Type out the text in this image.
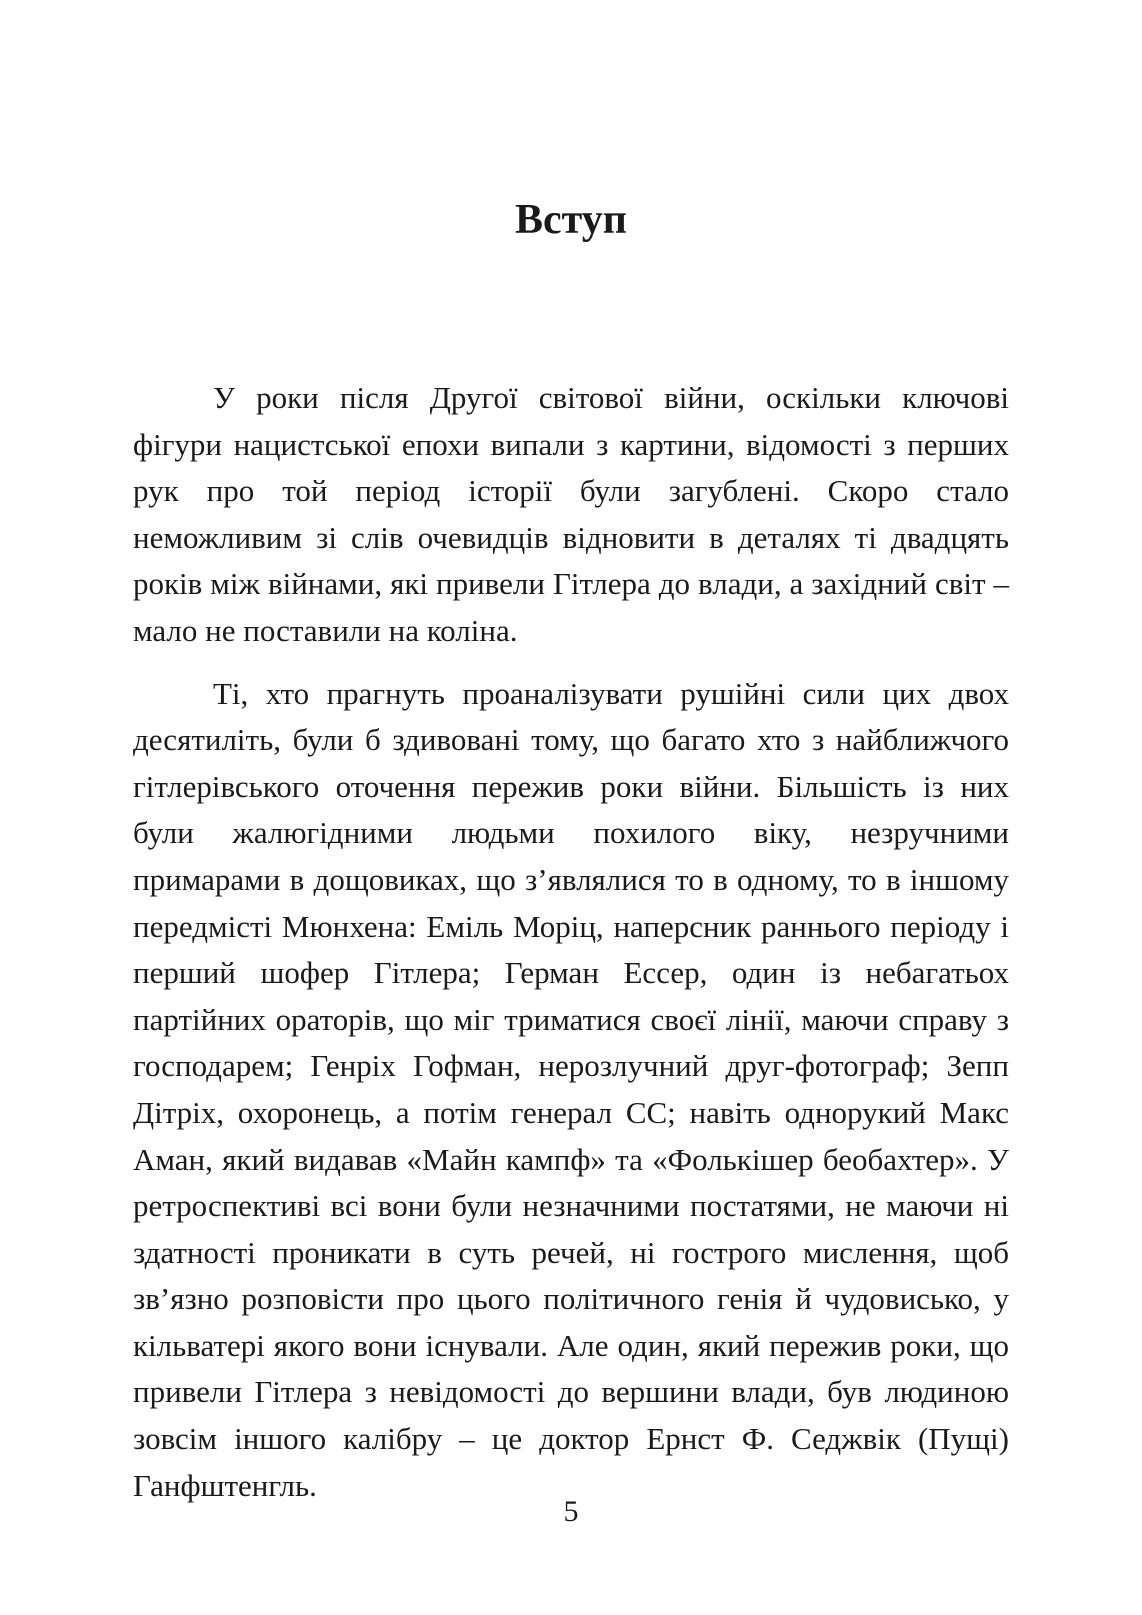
Вступ

У роки після Другої світової війни, оскільки ключові фігури нацистської епохи випали з картини, відомості з перших рук про той період історії були загублені. Скоро стало неможливим зі слів очевидців відновити в деталях ті двадцять років між війнами, які привели Гітлера до влади, а західний світ – мало не поставили на коліна.

Ті, хто прагнуть проаналізувати рушійні сили цих двох десятиліть, були б здивовані тому, що багато хто з найближчого гітлерівського оточення пережив роки війни. Більшість із них були жалюгідними людьми похилого віку, незручними примарами в дощовиках, що з’являлися то в одному, то в іншому передмісті Мюнхена: Еміль Моріц, наперсник раннього періоду і перший шофер Гітлера; Герман Ессер, один із небагатьох партійних ораторів, що міг триматися своєї лінії, маючи справу з господарем; Генріх Гофман, нерозлучний друг-фотограф; Зепп Дітріх, охоронець, а потім генерал СС; навіть однорукий Макс Аман, який видавав «Майн кампф» та «Фолькішер беобахтер». У ретроспективі всі вони були незначними постатями, не маючи ні здатності проникати в суть речей, ні гострого мислення, щоб зв’язно розповісти про цього політичного генія й чудовисько, у кільватері якого вони існували. Але один, який пережив роки, що привели Гітлера з невідомості до вершини влади, був людиною зовсім іншого калібру – це доктор Ернст Ф. Седжвік (Пущі) Ганфштенгль.

5
